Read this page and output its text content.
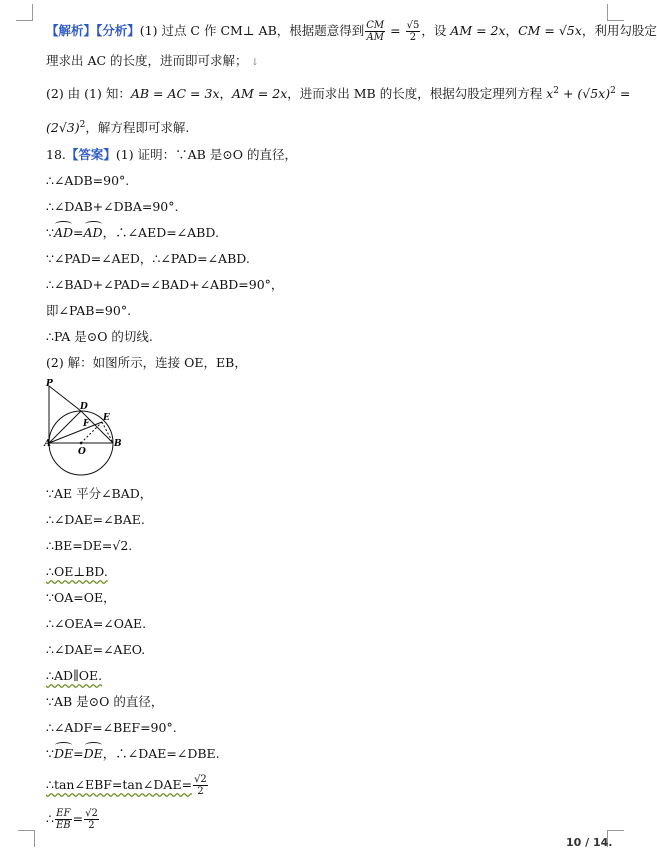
【解析】【分析】(1) 过点 C 作 CM⊥ AB，根据题意得到 $\frac{CM}{AM} = \frac{√5}{2}$ ，设 AM = 2x，CM = √5x，利用勾股定
理求出 AC 的长度，进而即可求解； ↓
(2) 由 (1) 知：AB = AC = 3x，AM = 2x，进而求出 MB 的长度，根据勾股定理列方程 $x^2 + (√5x)^2$ =
$(2√3)^2$，解方程即可求解.
18.【答案】(1) 证明：∵AB 是⊙O 的直径，
∴∠ADB=90°.
∴∠DAB+∠DBA=90°.
∵AD=AD，∴∠AED=∠ABD.
∵∠PAD=∠AED，∴∠PAD=∠ABD.
∴∠BAD+∠PAD=∠BAD+∠ABD=90°，
即∠PAB=90°.
∴PA 是⊙O 的切线.
(2) 解：如图所示，连接 OE，EB，
P
D
E
F
A	B
O
∵AE 平分∠BAD，
∴∠DAE=∠BAE.
∴BE=DE=√2.
∴OE⊥BD.
∵OA=OE，
∴∠OEA=∠OAE.
∴∠DAE=∠AEO.
∴AD∥OE.
∵AB 是⊙O 的直径，
∴∠ADF=∠BEF=90°.
∵DE=DE，∴∠DAE=∠DBE.
∴tan∠EBF=tan∠DAE= $\frac{√2}{2}$
∴ $\frac{EF}{EB} = \frac{√2}{2}$
10 / 14.
